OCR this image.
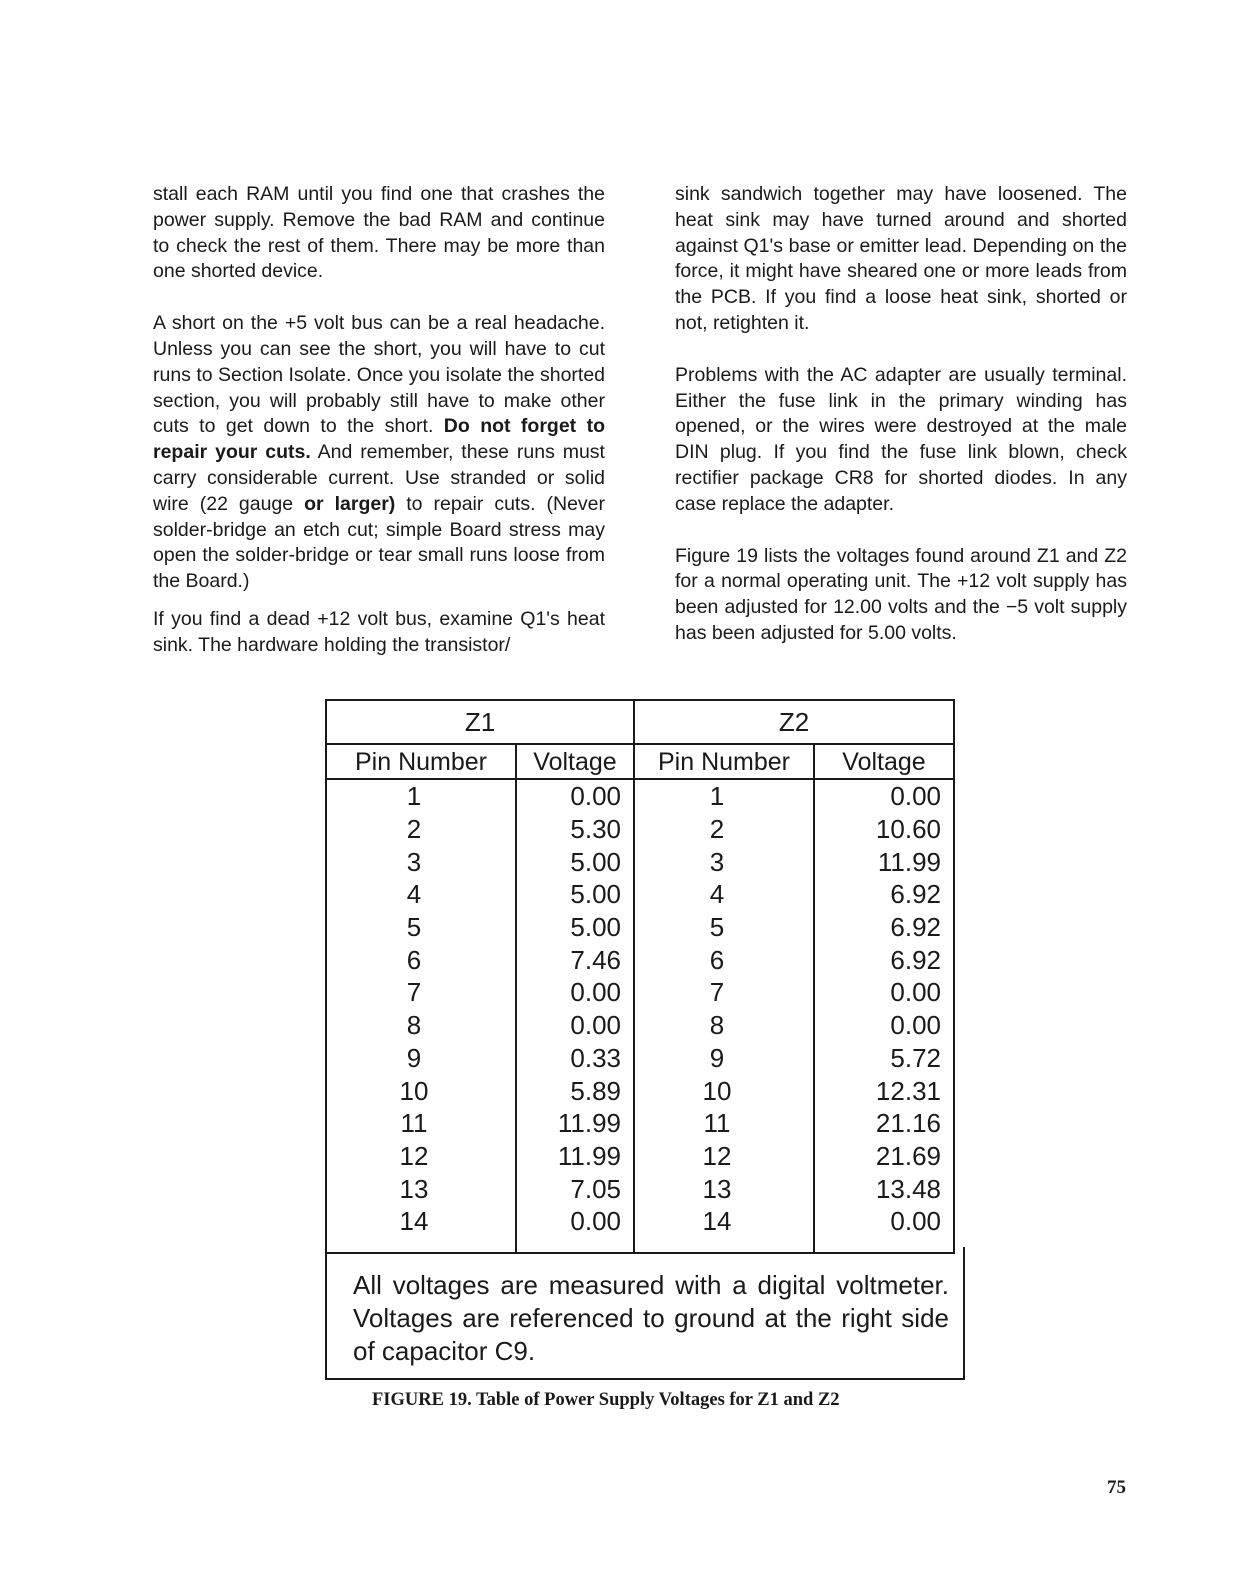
stall each RAM until you find one that crashes the power supply. Remove the bad RAM and continue to check the rest of them. There may be more than one shorted device.

A short on the +5 volt bus can be a real headache. Unless you can see the short, you will have to cut runs to Section Isolate. Once you isolate the shorted section, you will probably still have to make other cuts to get down to the short. Do not forget to repair your cuts. And remember, these runs must carry considerable current. Use stranded or solid wire (22 gauge or larger) to repair cuts. (Never solder-bridge an etch cut; simple Board stress may open the solder-bridge or tear small runs loose from the Board.)

If you find a dead +12 volt bus, examine Q1's heat sink. The hardware holding the transistor/

sink sandwich together may have loosened. The heat sink may have turned around and shorted against Q1's base or emitter lead. Depending on the force, it might have sheared one or more leads from the PCB. If you find a loose heat sink, shorted or not, retighten it.

Problems with the AC adapter are usually terminal. Either the fuse link in the primary winding has opened, or the wires were destroyed at the male DIN plug. If you find the fuse link blown, check rectifier package CR8 for shorted diodes. In any case replace the adapter.

Figure 19 lists the voltages found around Z1 and Z2 for a normal operating unit. The +12 volt supply has been adjusted for 12.00 volts and the −5 volt supply has been adjusted for 5.00 volts.

Z1		Z2	
Pin Number	Voltage	Pin Number	Voltage
1	0.00	1	0.00
2	5.30	2	10.60
3	5.00	3	11.99
4	5.00	4	6.92
5	5.00	5	6.92
6	7.46	6	6.92
7	0.00	7	0.00
8	0.00	8	0.00
9	0.33	9	5.72
10	5.89	10	12.31
11	11.99	11	21.16
12	11.99	12	21.69
13	7.05	13	13.48
14	0.00	14	0.00

All voltages are measured with a digital voltmeter. Voltages are referenced to ground at the right side of capacitor C9.
FIGURE 19. Table of Power Supply Voltages for Z1 and Z2
75
